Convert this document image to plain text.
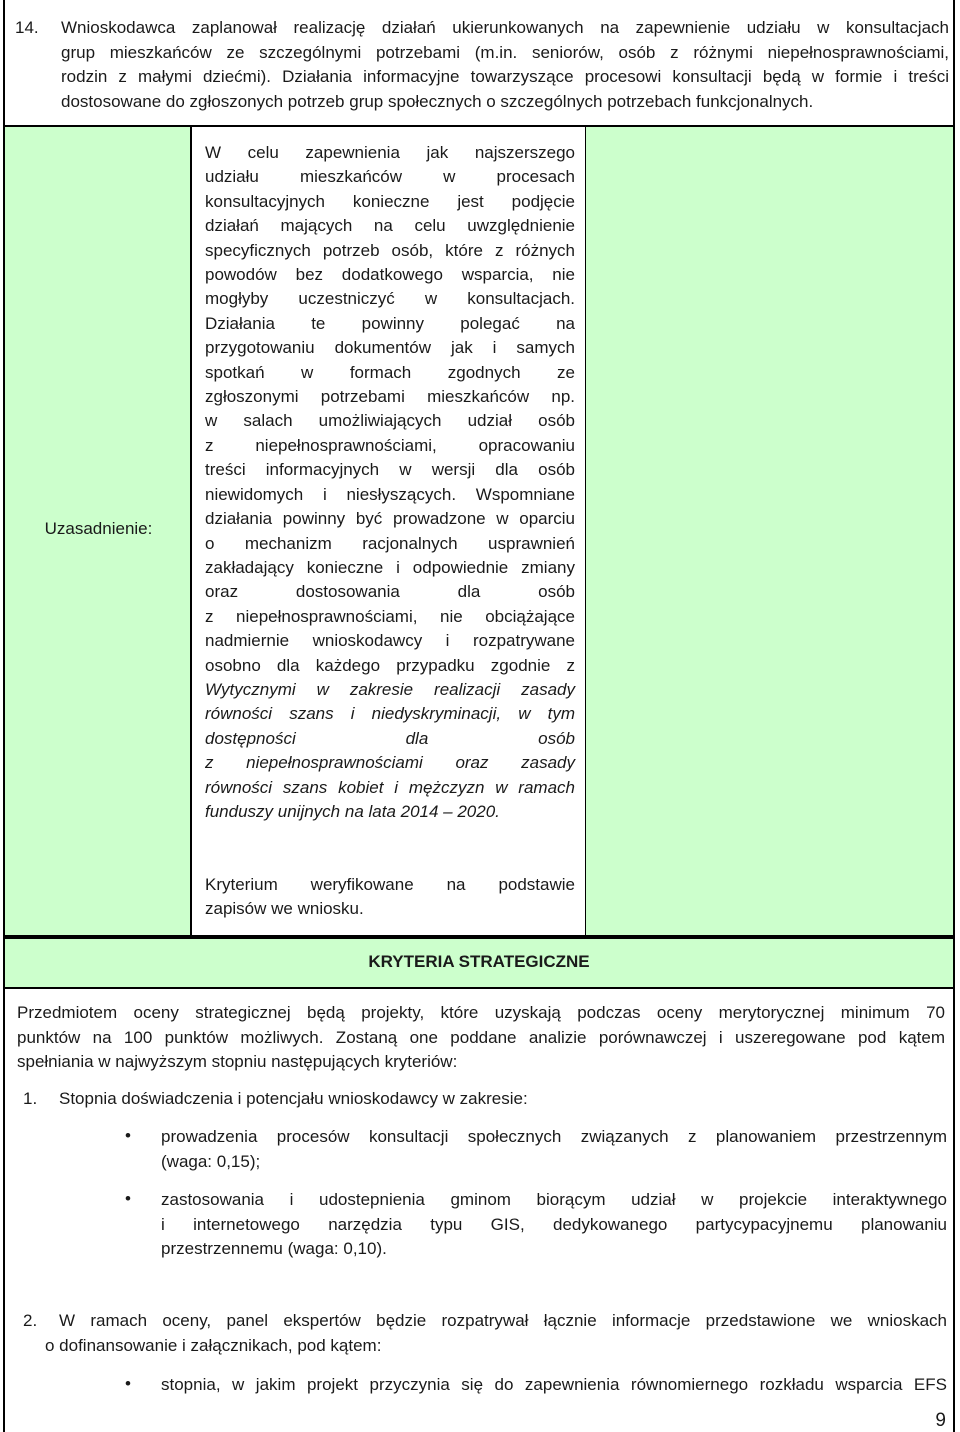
14. Wnioskodawca zaplanował realizację działań ukierunkowanych na zapewnienie udziału w konsultacjach
grup mieszkańców ze szczególnymi potrzebami (m.in. seniorów, osób z różnymi niepełnosprawnościami,
rodzin z małymi dziećmi). Działania informacyjne towarzyszące procesowi konsultacji będą w formie i treści
dostosowane do zgłoszonych potrzeb grup społecznych o szczególnych potrzebach funkcjonalnych.
Uzasadnienie:
W celu zapewnienia jak najszerszego
udziału mieszkańców w procesach
konsultacyjnych konieczne jest podjęcie
działań mających na celu uwzględnienie
specyficznych potrzeb osób, które z różnych
powodów bez dodatkowego wsparcia, nie
mogłyby uczestniczyć w konsultacjach.
Działania te powinny polegać na
przygotowaniu dokumentów jak i samych
spotkań w formach zgodnych ze
zgłoszonymi potrzebami mieszkańców np.
w salach umożliwiających udział osób
z niepełnosprawnościami, opracowaniu
treści informacyjnych w wersji dla osób
niewidomych i niesłyszących. Wspomniane
działania powinny być prowadzone w oparciu
o mechanizm racjonalnych usprawnień
zakładający konieczne i odpowiednie zmiany
oraz dostosowania dla osób
z niepełnosprawnościami, nie obciążające
nadmiernie wnioskodawcy i rozpatrywane
osobno dla każdego przypadku zgodnie z
Wytycznymi w zakresie realizacji zasady
równości szans i niedyskryminacji, w tym
dostępności dla osób
z niepełnosprawnościami oraz zasady
równości szans kobiet i mężczyzn w ramach
funduszy unijnych na lata 2014 – 2020.
Kryterium weryfikowane na podstawie
zapisów we wniosku.
KRYTERIA STRATEGICZNE
Przedmiotem oceny strategicznej będą projekty, które uzyskają podczas oceny merytorycznej minimum 70
punktów na 100 punktów możliwych. Zostaną one poddane analizie porównawczej i uszeregowane pod kątem
spełniania w najwyższym stopniu następujących kryteriów:
1. Stopnia doświadczenia i potencjału wnioskodawcy w zakresie:
• prowadzenia procesów konsultacji społecznych związanych z planowaniem przestrzennym
(waga: 0,15);
• zastosowania i udostepnienia gminom biorącym udział w projekcie interaktywnego
i internetowego narzędzia typu GIS, dedykowanego partycypacyjnemu planowaniu
przestrzennemu (waga: 0,10).
2.	W ramach oceny, panel ekspertów będzie rozpatrywał łącznie informacje przedstawione we wnioskach
o dofinansowanie i załącznikach, pod kątem:
• stopnia, w jakim projekt przyczynia się do zapewnienia równomiernego rozkładu wsparcia EFS
9
